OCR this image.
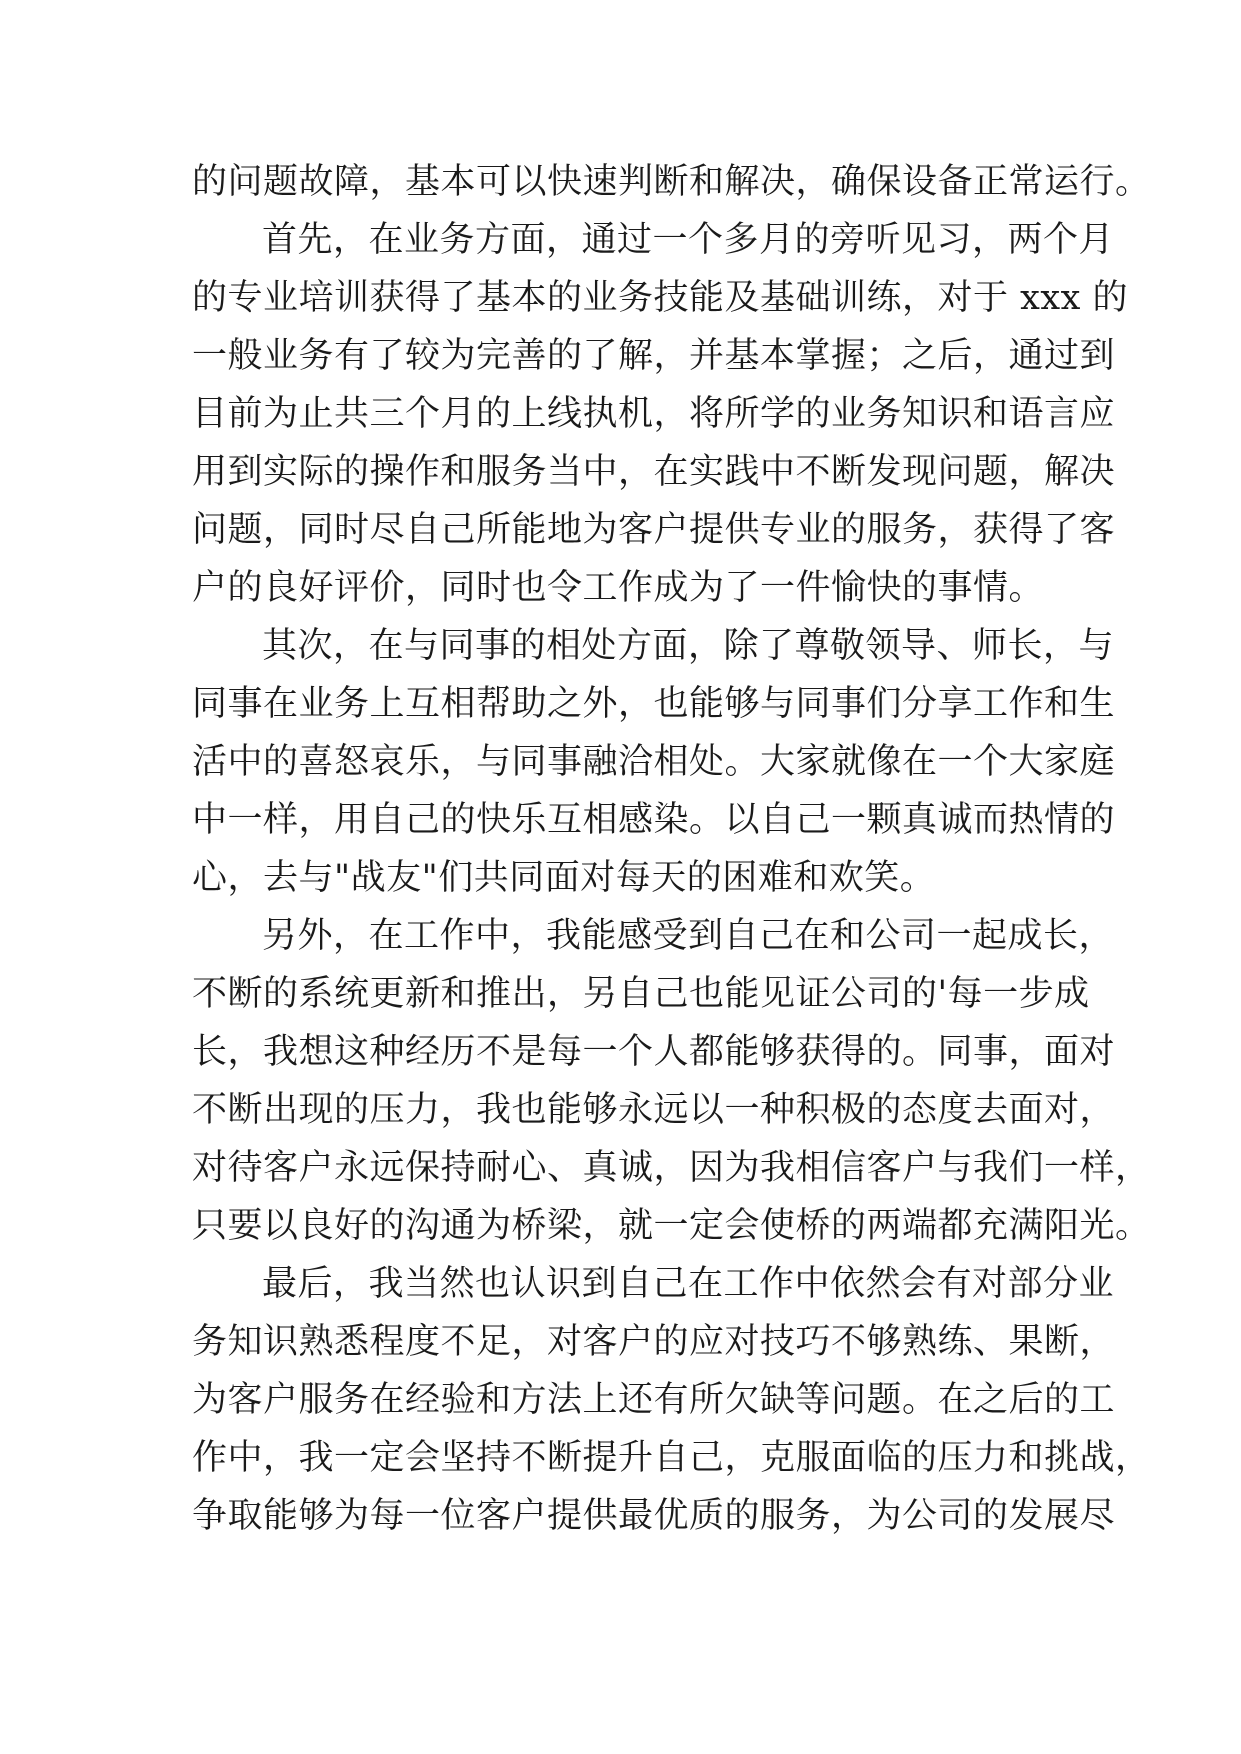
的问题故障，基本可以快速判断和解决，确保设备正常运行。
首先，在业务方面，通过一个多月的旁听见习，两个月
的专业培训获得了基本的业务技能及基础训练，对于 xxx 的
一般业务有了较为完善的了解，并基本掌握；之后，通过到
目前为止共三个月的上线执机，将所学的业务知识和语言应
用到实际的操作和服务当中，在实践中不断发现问题，解决
问题，同时尽自己所能地为客户提供专业的服务，获得了客
户的良好评价，同时也令工作成为了一件愉快的事情。
其次，在与同事的相处方面，除了尊敬领导、师长，与
同事在业务上互相帮助之外，也能够与同事们分享工作和生
活中的喜怒哀乐，与同事融洽相处。大家就像在一个大家庭
中一样，用自己的快乐互相感染。以自己一颗真诚而热情的
心，去与"战友"们共同面对每天的困难和欢笑。
另外，在工作中，我能感受到自己在和公司一起成长，
不断的系统更新和推出，另自己也能见证公司的'每一步成
长，我想这种经历不是每一个人都能够获得的。同事，面对
不断出现的压力，我也能够永远以一种积极的态度去面对，
对待客户永远保持耐心、真诚，因为我相信客户与我们一样，
只要以良好的沟通为桥梁，就一定会使桥的两端都充满阳光。
最后，我当然也认识到自己在工作中依然会有对部分业
务知识熟悉程度不足，对客户的应对技巧不够熟练、果断，
为客户服务在经验和方法上还有所欠缺等问题。在之后的工
作中，我一定会坚持不断提升自己，克服面临的压力和挑战，
争取能够为每一位客户提供最优质的服务，为公司的发展尽
